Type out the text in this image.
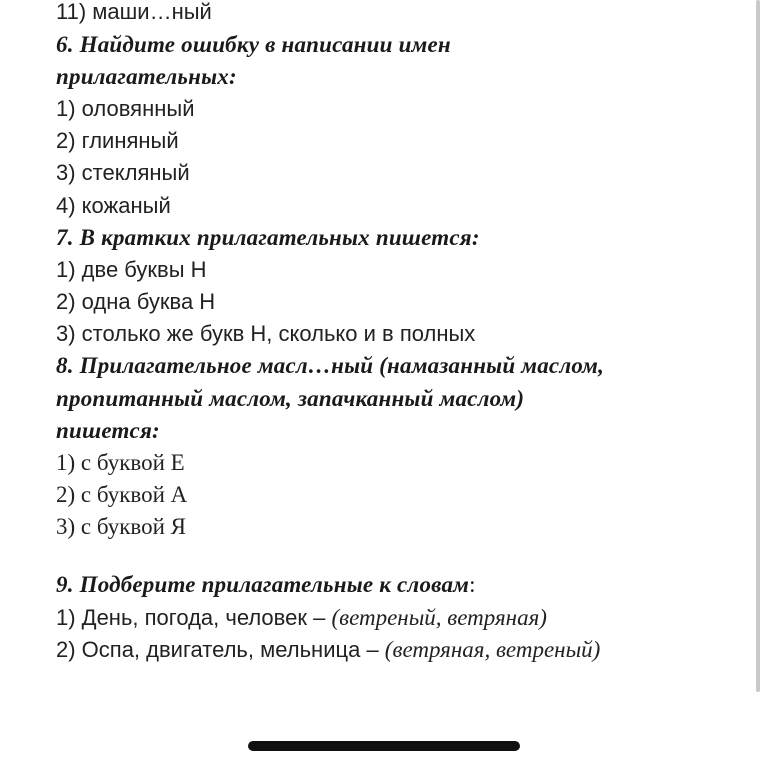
11) маши…ный
6. Найдите ошибку в написании имен
прилагательных:
1) оловянный
2) глиняный
3) стекляный
4) кожаный
7. В кратких прилагательных пишется:
1) две буквы Н
2) одна буква Н
3) столько же букв Н, сколько и в полных
8. Прилагательное масл…ный (намазанный маслом,
пропитанный маслом, запачканный маслом)
пишется:
1) с буквой Е
2) с буквой А
3) с буквой Я
9. Подберите прилагательные к словам:
1) День, погода, человек – (ветреный, ветряная)
2) Оспа, двигатель, мельница – (ветряная, ветреный)
